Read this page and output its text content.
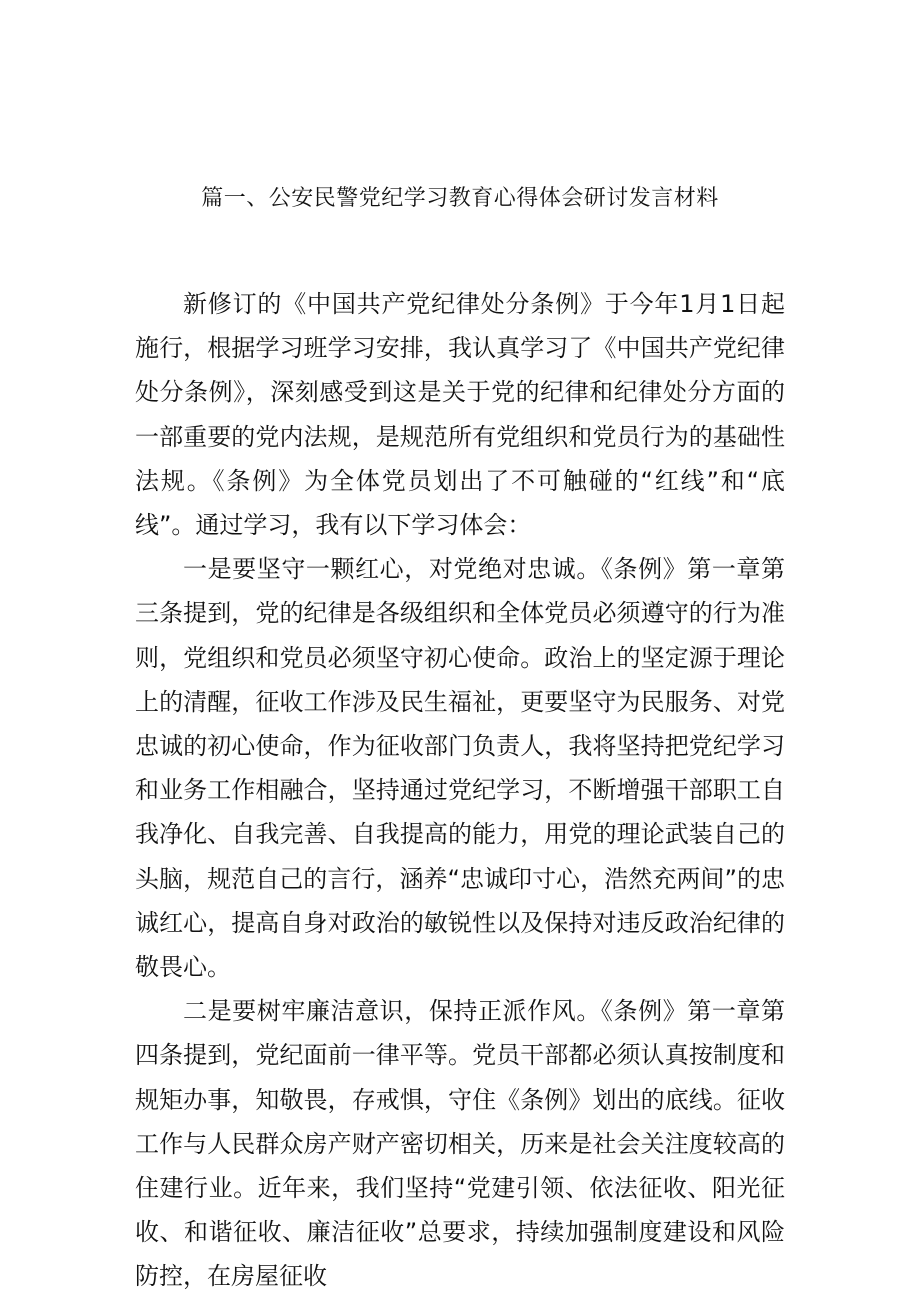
篇一、公安民警党纪学习教育心得体会研讨发言材料

新修订的《中国共产党纪律处分条例》于今年1月1日起施行，根据学习班学习安排，我认真学习了《中国共产党纪律处分条例》，深刻感受到这是关于党的纪律和纪律处分方面的一部重要的党内法规，是规范所有党组织和党员行为的基础性法规。《条例》为全体党员划出了不可触碰的“红线”和“底线”。通过学习，我有以下学习体会：

一是要坚守一颗红心，对党绝对忠诚。《条例》第一章第三条提到，党的纪律是各级组织和全体党员必须遵守的行为准则，党组织和党员必须坚守初心使命。政治上的坚定源于理论上的清醒，征收工作涉及民生福祉，更要坚守为民服务、对党忠诚的初心使命，作为征收部门负责人，我将坚持把党纪学习和业务工作相融合，坚持通过党纪学习，不断增强干部职工自我净化、自我完善、自我提高的能力，用党的理论武装自己的头脑，规范自己的言行，涵养“忠诚印寸心，浩然充两间”的忠诚红心，提高自身对政治的敏锐性以及保持对违反政治纪律的敬畏心。

二是要树牢廉洁意识，保持正派作风。《条例》第一章第四条提到，党纪面前一律平等。党员干部都必须认真按制度和规矩办事，知敬畏，存戒惧，守住《条例》划出的底线。征收工作与人民群众房产财产密切相关，历来是社会关注度较高的住建行业。近年来，我们坚持“党建引领、依法征收、阳光征收、和谐征收、廉洁征收”总要求，持续加强制度建设和风险防控，在房屋征收
